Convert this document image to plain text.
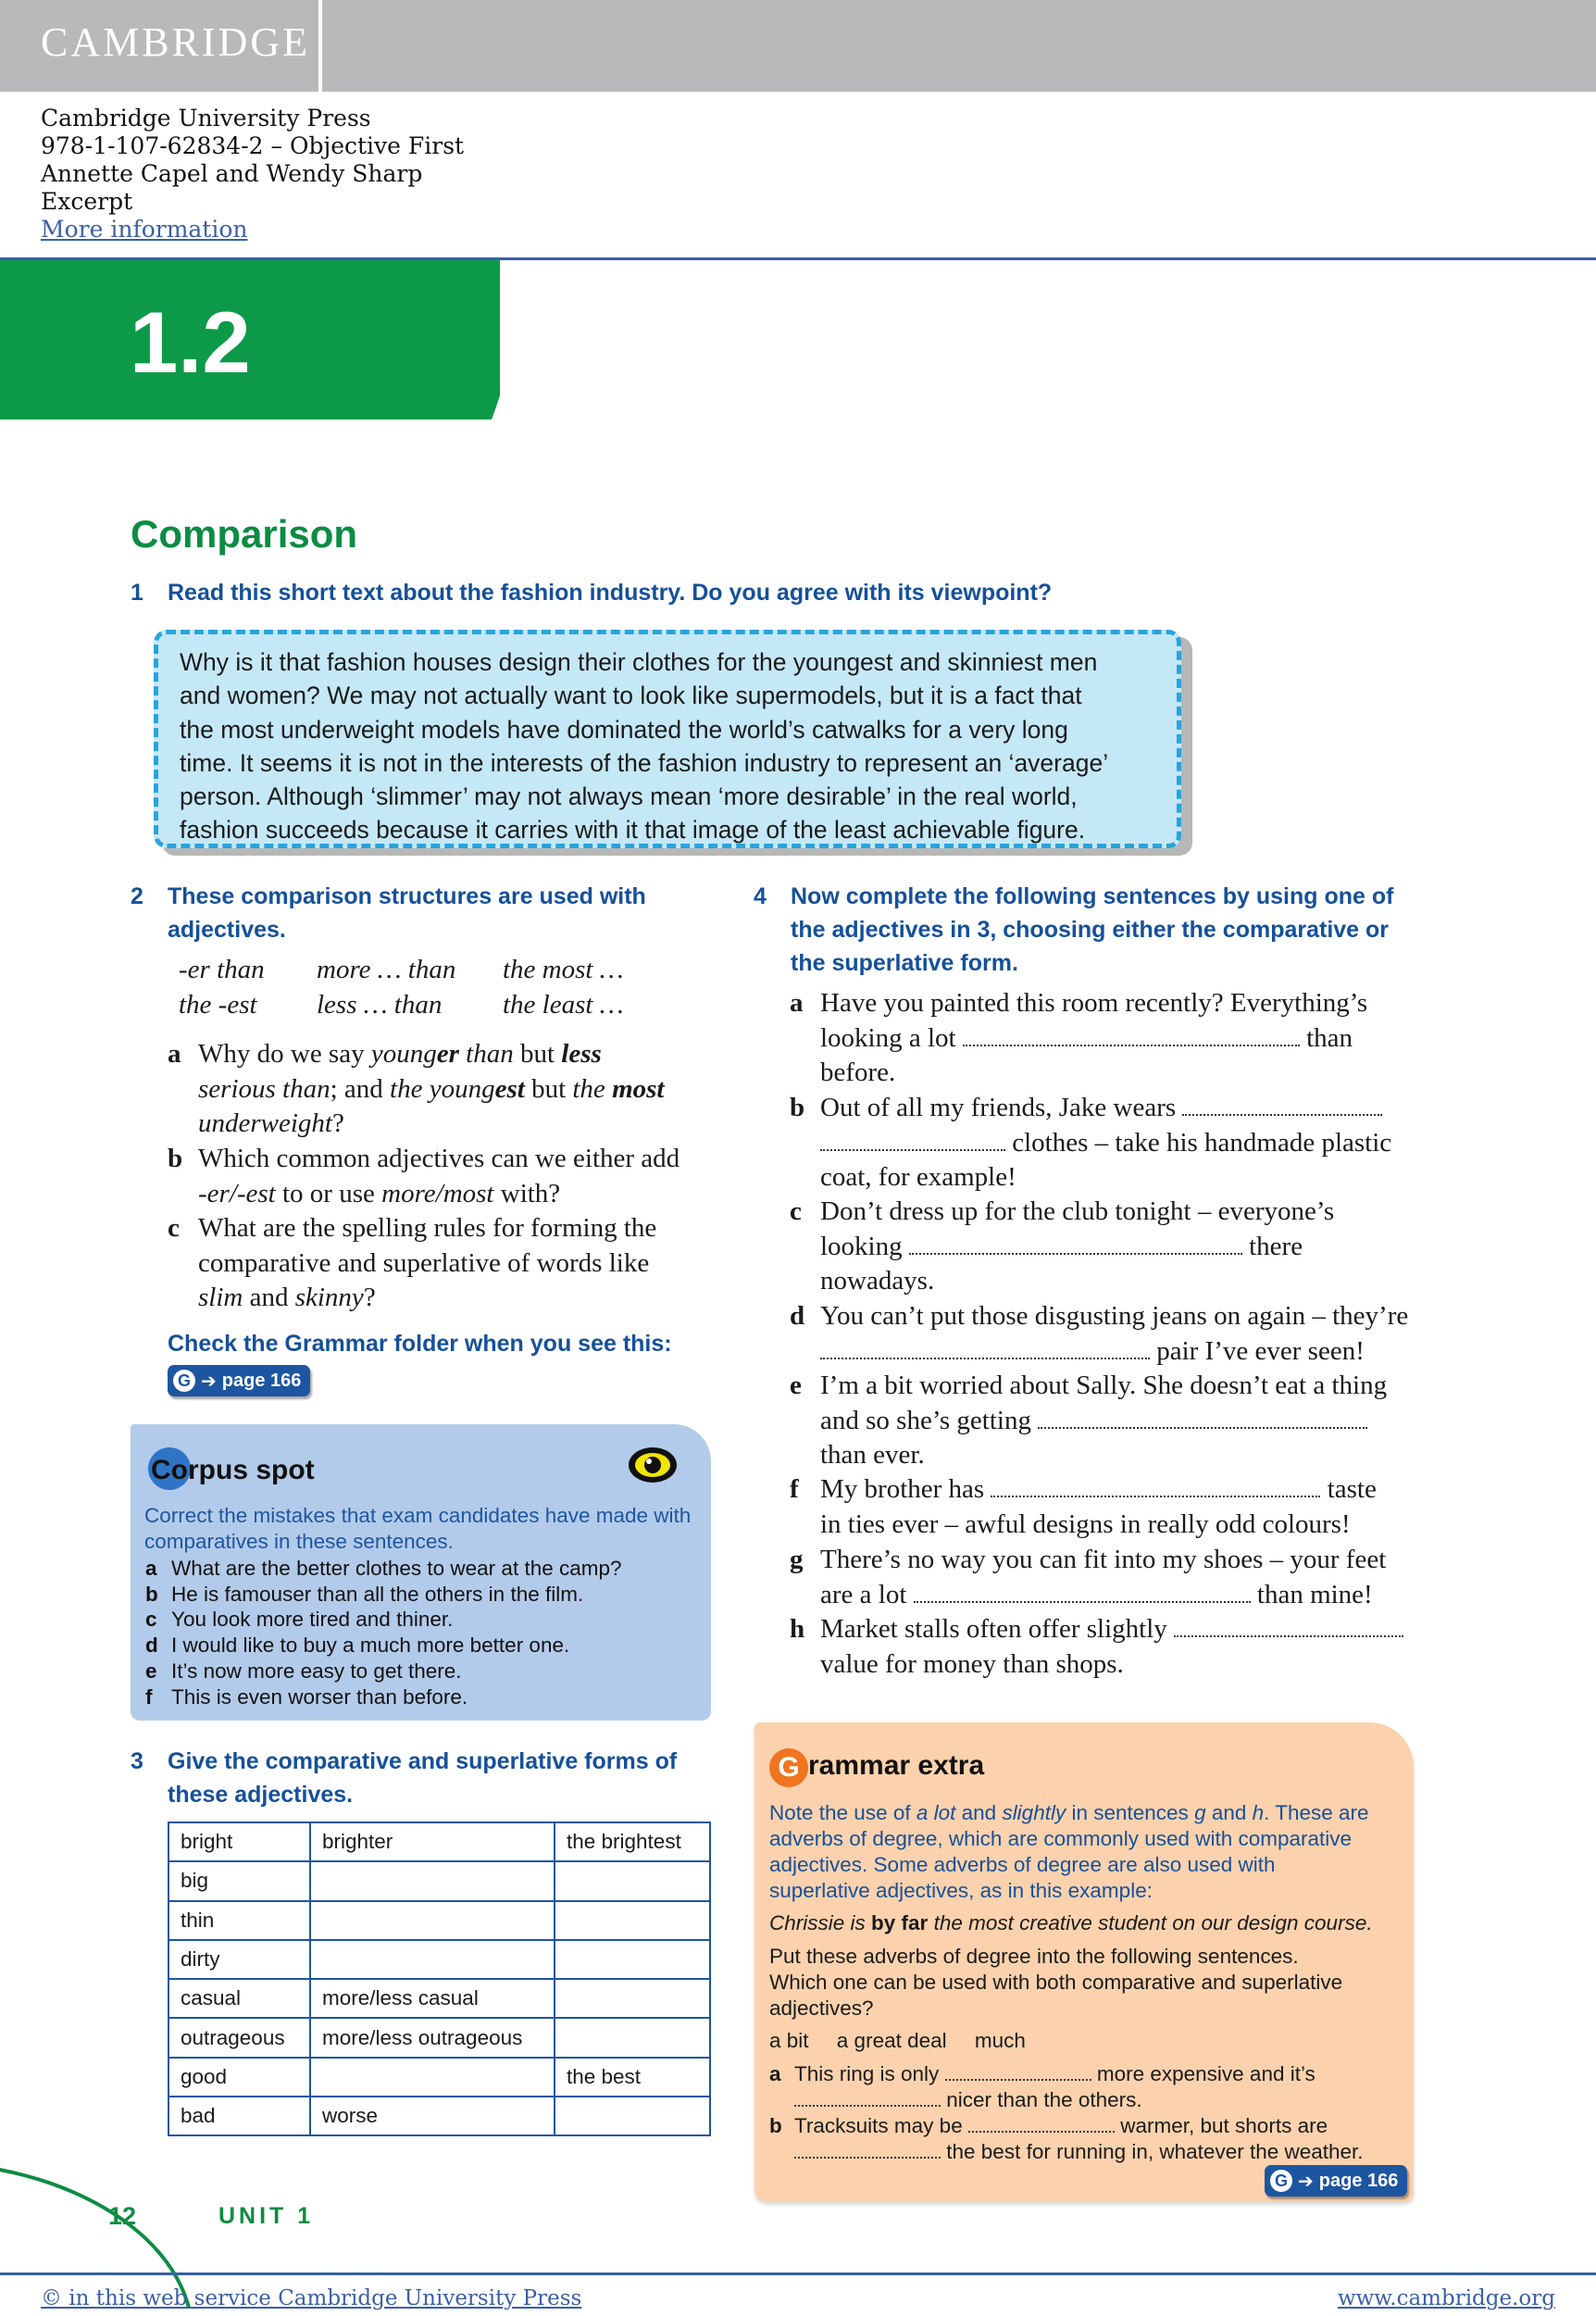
CAMBRIDGE
Cambridge University Press
978-1-107-62834-2 – Objective First
Annette Capel and Wendy Sharp
Excerpt
More information
1.2
Comparison
1 Read this short text about the fashion industry. Do you agree with its viewpoint?
Why is it that fashion houses design their clothes for the youngest and skinniest men
and women? We may not actually want to look like supermodels, but it is a fact that
the most underweight models have dominated the world’s catwalks for a very long
time. It seems it is not in the interests of the fashion industry to represent an ‘average’
person. Although ‘slimmer’ may not always mean ‘more desirable’ in the real world,
fashion succeeds because it carries with it that image of the least achievable figure.
2 These comparison structures are used with
adjectives.
-er than more … than the most …
the -est less … than the least …
a Why do we say younger than but less
serious than; and the youngest but the most
underweight?
b Which common adjectives can we either add
-er/-est to or use more/most with?
c What are the spelling rules for forming the
comparative and superlative of words like
slim and skinny?
Check the Grammar folder when you see this:
G ➔ page 166
Corpus spot
Correct the mistakes that exam candidates have made with comparatives in these sentences.
a What are the better clothes to wear at the camp?
b He is famouser than all the others in the film.
c You look more tired and thiner.
d I would like to buy a much more better one.
e It’s now more easy to get there.
f This is even worser than before.
3 Give the comparative and superlative forms of
these adjectives.
bright	brighter	the brightest
big		
thin		
dirty		
casual	more/less casual	
outrageous	more/less outrageous	
good		the best
bad	worse	
4 Now complete the following sentences by using one of
the adjectives in 3, choosing either the comparative or
the superlative form.
a Have you painted this room recently? Everything’s
looking a lot	than
before.
b Out of all my friends, Jake wears
clothes – take his handmade plastic
coat, for example!
c Don’t dress up for the club tonight – everyone’s
looking	there
nowadays.
d You can’t put those disgusting jeans on again – they’re
pair I’ve ever seen!
e I’m a bit worried about Sally. She doesn’t eat a thing
and so she’s getting
than ever.
f My brother has	taste
in ties ever – awful designs in really odd colours!
g There’s no way you can fit into my shoes – your feet
are a lot	than mine!
h Market stalls often offer slightly
value for money than shops.
G rammar extra
Note the use of a lot and slightly in sentences g and h. These are
adverbs of degree, which are commonly used with comparative
adjectives. Some adverbs of degree are also used with
superlative adjectives, as in this example:
Chrissie is by far the most creative student on our design course.
Put these adverbs of degree into the following sentences.
Which one can be used with both comparative and superlative
adjectives?
a bit a great deal much
a This ring is only	more expensive and it’s
nicer than the others.
b Tracksuits may be	warmer, but shorts are
the best for running in, whatever the weather.
G ➔ page 166
12	UNIT 1
© in this web service Cambridge University Press	www.cambridge.org
